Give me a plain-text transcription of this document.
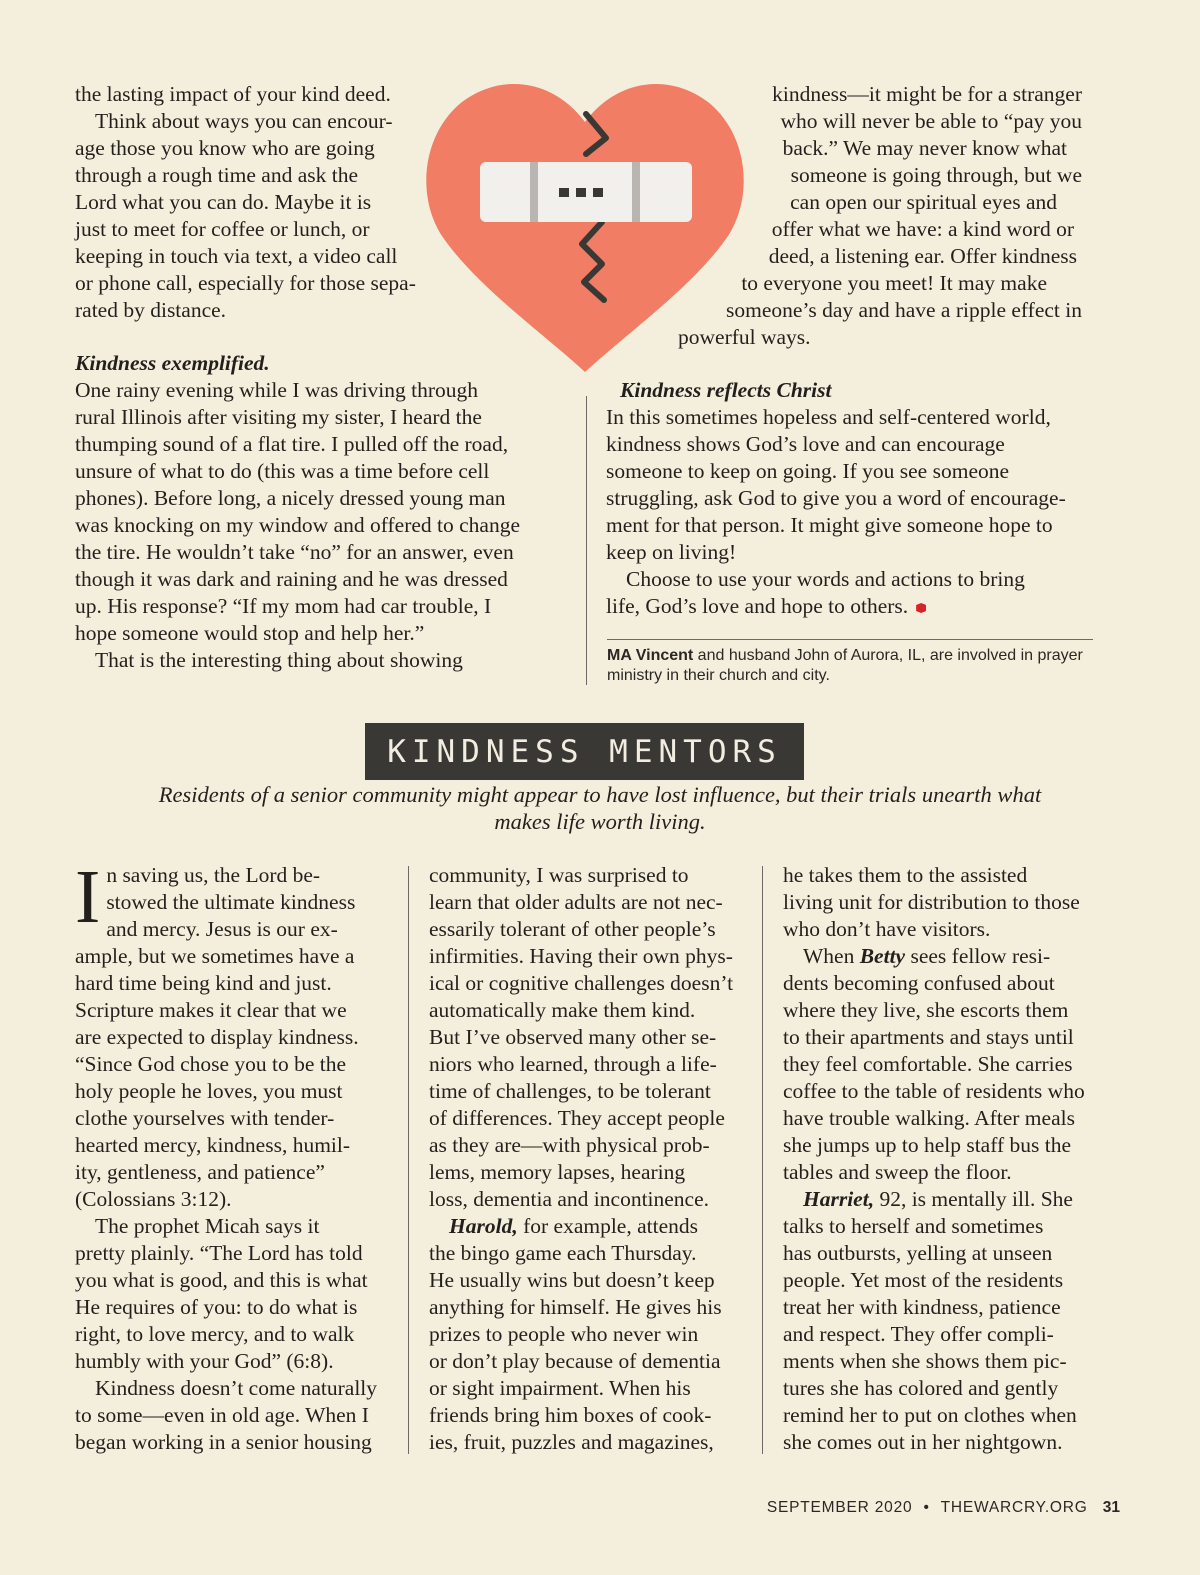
the lasting impact of your kind deed.
Think about ways you can encour-
age those you know who are going
through a rough time and ask the
Lord what you can do. Maybe it is
just to meet for coffee or lunch, or
keeping in touch via text, a video call
or phone call, especially for those sepa-
rated by distance.
Kindness exemplified.
One rainy evening while I was driving through
rural Illinois after visiting my sister, I heard the
thumping sound of a flat tire. I pulled off the road,
unsure of what to do (this was a time before cell
phones). Before long, a nicely dressed young man
was knocking on my window and offered to change
the tire. He wouldn’t take “no” for an answer, even
though it was dark and raining and he was dressed
up. His response? “If my mom had car trouble, I
hope someone would stop and help her.”
That is the interesting thing about showing
kindness—it might be for a stranger
who will never be able to “pay you
back.” We may never know what
someone is going through, but we
can open our spiritual eyes and
offer what we have: a kind word or
deed, a listening ear. Offer kindness
to everyone you meet! It may make
someone’s day and have a ripple effect in
powerful ways.
Kindness reflects Christ
In this sometimes hopeless and self-centered world,
kindness shows God’s love and can encourage
someone to keep on going. If you see someone
struggling, ask God to give you a word of encourage-
ment for that person. It might give someone hope to
keep on living!
Choose to use your words and actions to bring
life, God’s love and hope to others.
MA Vincent and husband John of Aurora, IL, are involved in prayer ministry in their church and city.
KINDNESS MENTORS
Residents of a senior community might appear to have lost influence, but their trials unearth what
makes life worth living.
I n saving us, the Lord be-
stowed the ultimate kindness
and mercy. Jesus is our ex-
ample, but we sometimes have a
hard time being kind and just.
Scripture makes it clear that we
are expected to display kindness.
“Since God chose you to be the
holy people he loves, you must
clothe yourselves with tender-
hearted mercy, kindness, humil-
ity, gentleness, and patience”
(Colossians 3:12).
The prophet Micah says it
pretty plainly. “The Lord has told
you what is good, and this is what
He requires of you: to do what is
right, to love mercy, and to walk
humbly with your God” (6:8).
Kindness doesn’t come naturally
to some—even in old age. When I
began working in a senior housing
community, I was surprised to
learn that older adults are not nec-
essarily tolerant of other people’s
infirmities. Having their own phys-
ical or cognitive challenges doesn’t
automatically make them kind.
But I’ve observed many other se-
niors who learned, through a life-
time of challenges, to be tolerant
of differences. They accept people
as they are—with physical prob-
lems, memory lapses, hearing
loss, dementia and incontinence.
Harold, for example, attends
the bingo game each Thursday.
He usually wins but doesn’t keep
anything for himself. He gives his
prizes to people who never win
or don’t play because of dementia
or sight impairment. When his
friends bring him boxes of cook-
ies, fruit, puzzles and magazines,
he takes them to the assisted
living unit for distribution to those
who don’t have visitors.
When Betty sees fellow resi-
dents becoming confused about
where they live, she escorts them
to their apartments and stays until
they feel comfortable. She carries
coffee to the table of residents who
have trouble walking. After meals
she jumps up to help staff bus the
tables and sweep the floor.
Harriet, 92, is mentally ill. She
talks to herself and sometimes
has outbursts, yelling at unseen
people. Yet most of the residents
treat her with kindness, patience
and respect. They offer compli-
ments when she shows them pic-
tures she has colored and gently
remind her to put on clothes when
she comes out in her nightgown.
SEPTEMBER 2020 • THEWARCRY.ORG 31
